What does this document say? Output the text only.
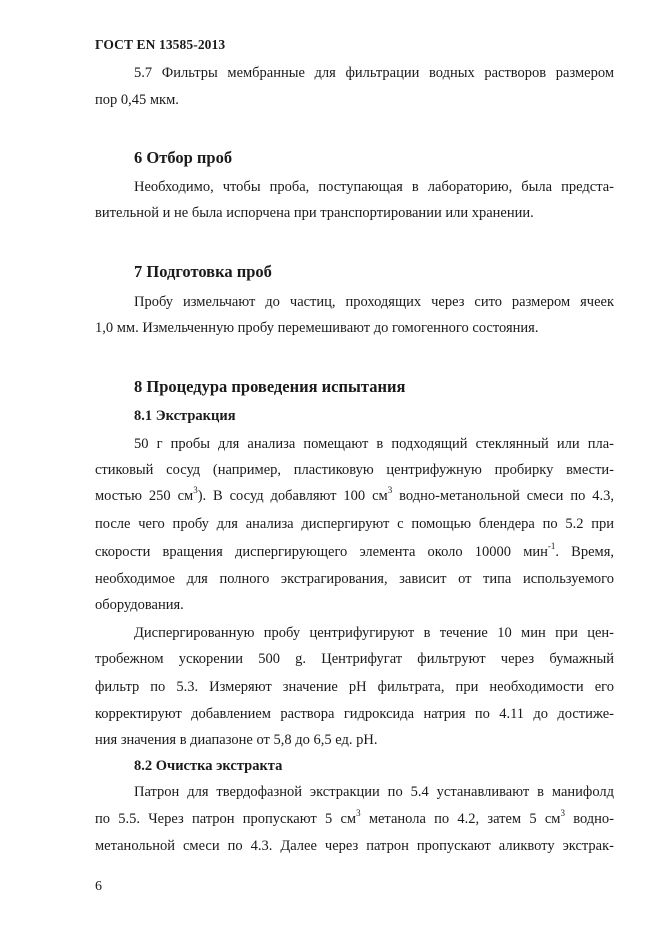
ГОСТ EN 13585-2013
5.7 Фильтры мембранные для фильтрации водных растворов размером
пор 0,45 мкм.
6 Отбор проб
Необходимо, чтобы проба, поступающая в лабораторию, была предста-
вительной и не была испорчена при транспортировании или хранении.
7 Подготовка проб
Пробу измельчают до частиц, проходящих через сито размером ячеек
1,0 мм. Измельченную пробу перемешивают до гомогенного состояния.
8 Процедура проведения испытания
8.1 Экстракция
50 г пробы для анализа помещают в подходящий стеклянный или пла-
стиковый сосуд (например, пластиковую центрифужную пробирку вмести-
мостью 250 $см^3$). В сосуд добавляют 100 $см^3$ водно-метанольной смеси по 4.3,
после чего пробу для анализа диспергируют с помощью блендера по 5.2 при
скорости вращения диспергирующего элемента около 10000 мин$^{-1}$. Время,
необходимое для полного экстрагирования, зависит от типа используемого
оборудования.
Диспергированную пробу центрифугируют в течение 10 мин при цен-
тробежном ускорении 500 g. Центрифугат фильтруют через бумажный
фильтр по 5.3. Измеряют значение pH фильтрата, при необходимости его
корректируют добавлением раствора гидроксида натрия по 4.11 до достиже-
ния значения в диапазоне от 5,8 до 6,5 ед. pH.
8.2 Очистка экстракта
Патрон для твердофазной экстракции по 5.4 устанавливают в манифолд
по 5.5. Через патрон пропускают 5 $см^3$ метанола по 4.2, затем 5 $см^3$ водно-
метанольной смеси по 4.3. Далее через патрон пропускают аликвоту экстрак-
6
